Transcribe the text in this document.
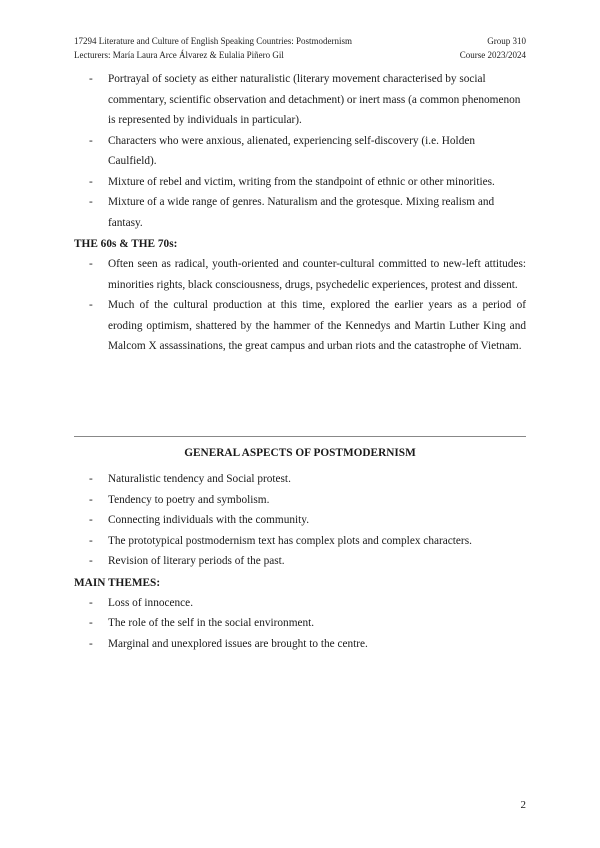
17294 Literature and Culture of English Speaking Countries: Postmodernism	Group 310
Lecturers: María Laura Arce Álvarez & Eulalia Piñero Gil	Course 2023/2024
- Portrayal of society as either naturalistic (literary movement characterised by social commentary, scientific observation and detachment) or inert mass (a common phenomenon is represented by individuals in particular).
- Characters who were anxious, alienated, experiencing self-discovery (i.e. Holden Caulfield).
- Mixture of rebel and victim, writing from the standpoint of ethnic or other minorities.
- Mixture of a wide range of genres. Naturalism and the grotesque. Mixing realism and fantasy.
THE 60s & THE 70s:
- Often seen as radical, youth-oriented and counter-cultural committed to new-left attitudes: minorities rights, black consciousness, drugs, psychedelic experiences, protest and dissent.
- Much of the cultural production at this time, explored the earlier years as a period of eroding optimism, shattered by the hammer of the Kennedys and Martin Luther King and Malcom X assassinations, the great campus and urban riots and the catastrophe of Vietnam.
GENERAL ASPECTS OF POSTMODERNISM
- Naturalistic tendency and Social protest.
- Tendency to poetry and symbolism.
- Connecting individuals with the community.
- The prototypical postmodernism text has complex plots and complex characters.
- Revision of literary periods of the past.
MAIN THEMES:
- Loss of innocence.
- The role of the self in the social environment.
- Marginal and unexplored issues are brought to the centre.
2
